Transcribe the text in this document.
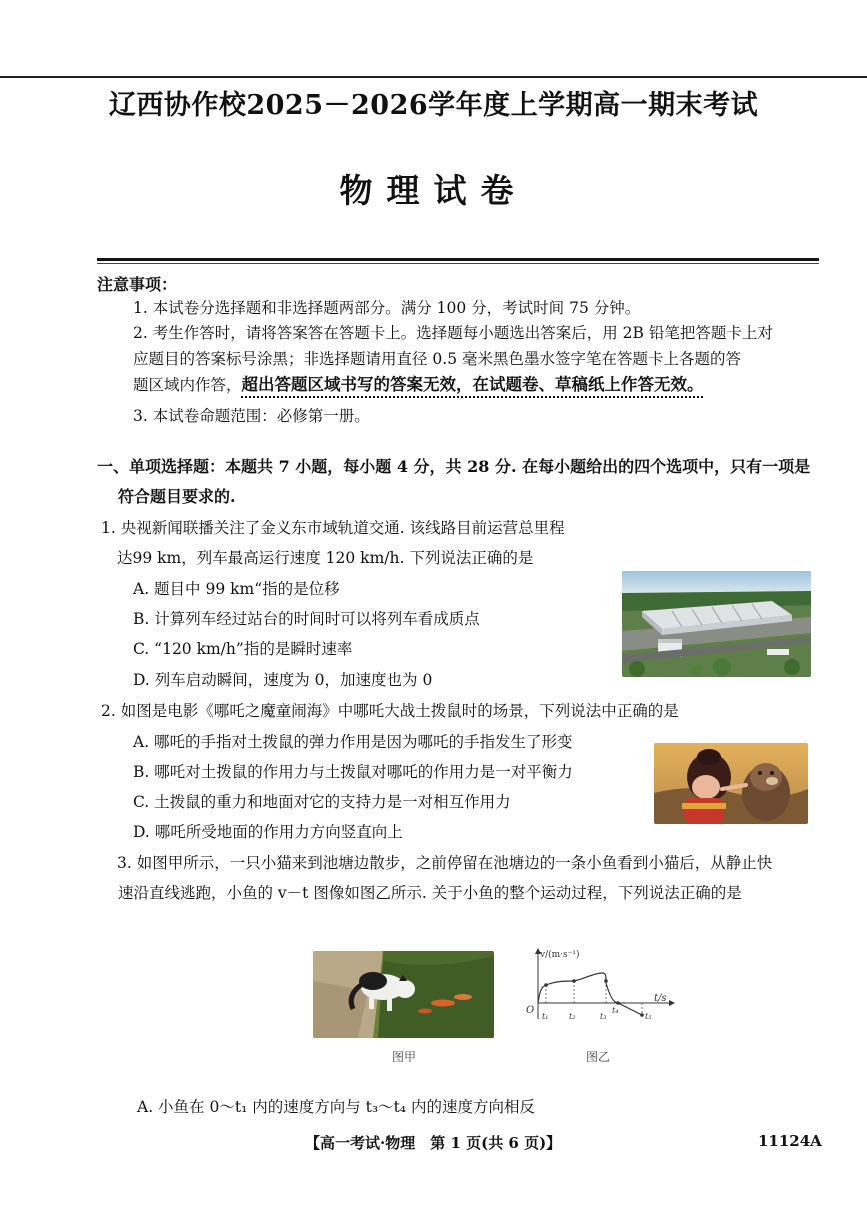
辽西协作校2025－2026学年度上学期高一期末考试
物理试卷
注意事项：
1. 本试卷分选择题和非选择题两部分。满分 100 分，考试时间 75 分钟。
2. 考生作答时，请将答案答在答题卡上。选择题每小题选出答案后，用 2B 铅笔把答题卡上对
应题目的答案标号涂黑；非选择题请用直径 0.5 毫米黑色墨水签字笔在答题卡上各题的答
题区域内作答，超出答题区域书写的答案无效，在试题卷、草稿纸上作答无效。
3. 本试卷命题范围：必修第一册。
一、单项选择题：本题共 7 小题，每小题 4 分，共 28 分. 在每小题给出的四个选项中，只有一项是
符合题目要求的.
1. 央视新闻联播关注了金义东市域轨道交通. 该线路目前运营总里程
达99 km，列车最高运行速度 120 km/h. 下列说法正确的是
A. 题目中 99 km“指的是位移
B. 计算列车经过站台的时间时可以将列车看成质点
C. “120 km/h”指的是瞬时速率
D. 列车启动瞬间，速度为 0，加速度也为 0
2. 如图是电影《哪吒之魔童闹海》中哪吒大战土拨鼠时的场景，下列说法中正确的是
A. 哪吒的手指对土拨鼠的弹力作用是因为哪吒的手指发生了形变
B. 哪吒对土拨鼠的作用力与土拨鼠对哪吒的作用力是一对平衡力
C. 土拨鼠的重力和地面对它的支持力是一对相互作用力
D. 哪吒所受地面的作用力方向竖直向上
3. 如图甲所示，一只小猫来到池塘边散步，之前停留在池塘边的一条小鱼看到小猫后，从静止快
速沿直线逃跑，小鱼的 v－t 图像如图乙所示. 关于小鱼的整个运动过程，下列说法正确的是
图甲
v/(m·s⁻¹)
t/s
O
t₁	t₂	t₃
t₄
t₅
图乙
A. 小鱼在 0～t₁ 内的速度方向与 t₃～t₄ 内的速度方向相反
【高一考试·物理　第 1 页(共 6 页)】	11124A
